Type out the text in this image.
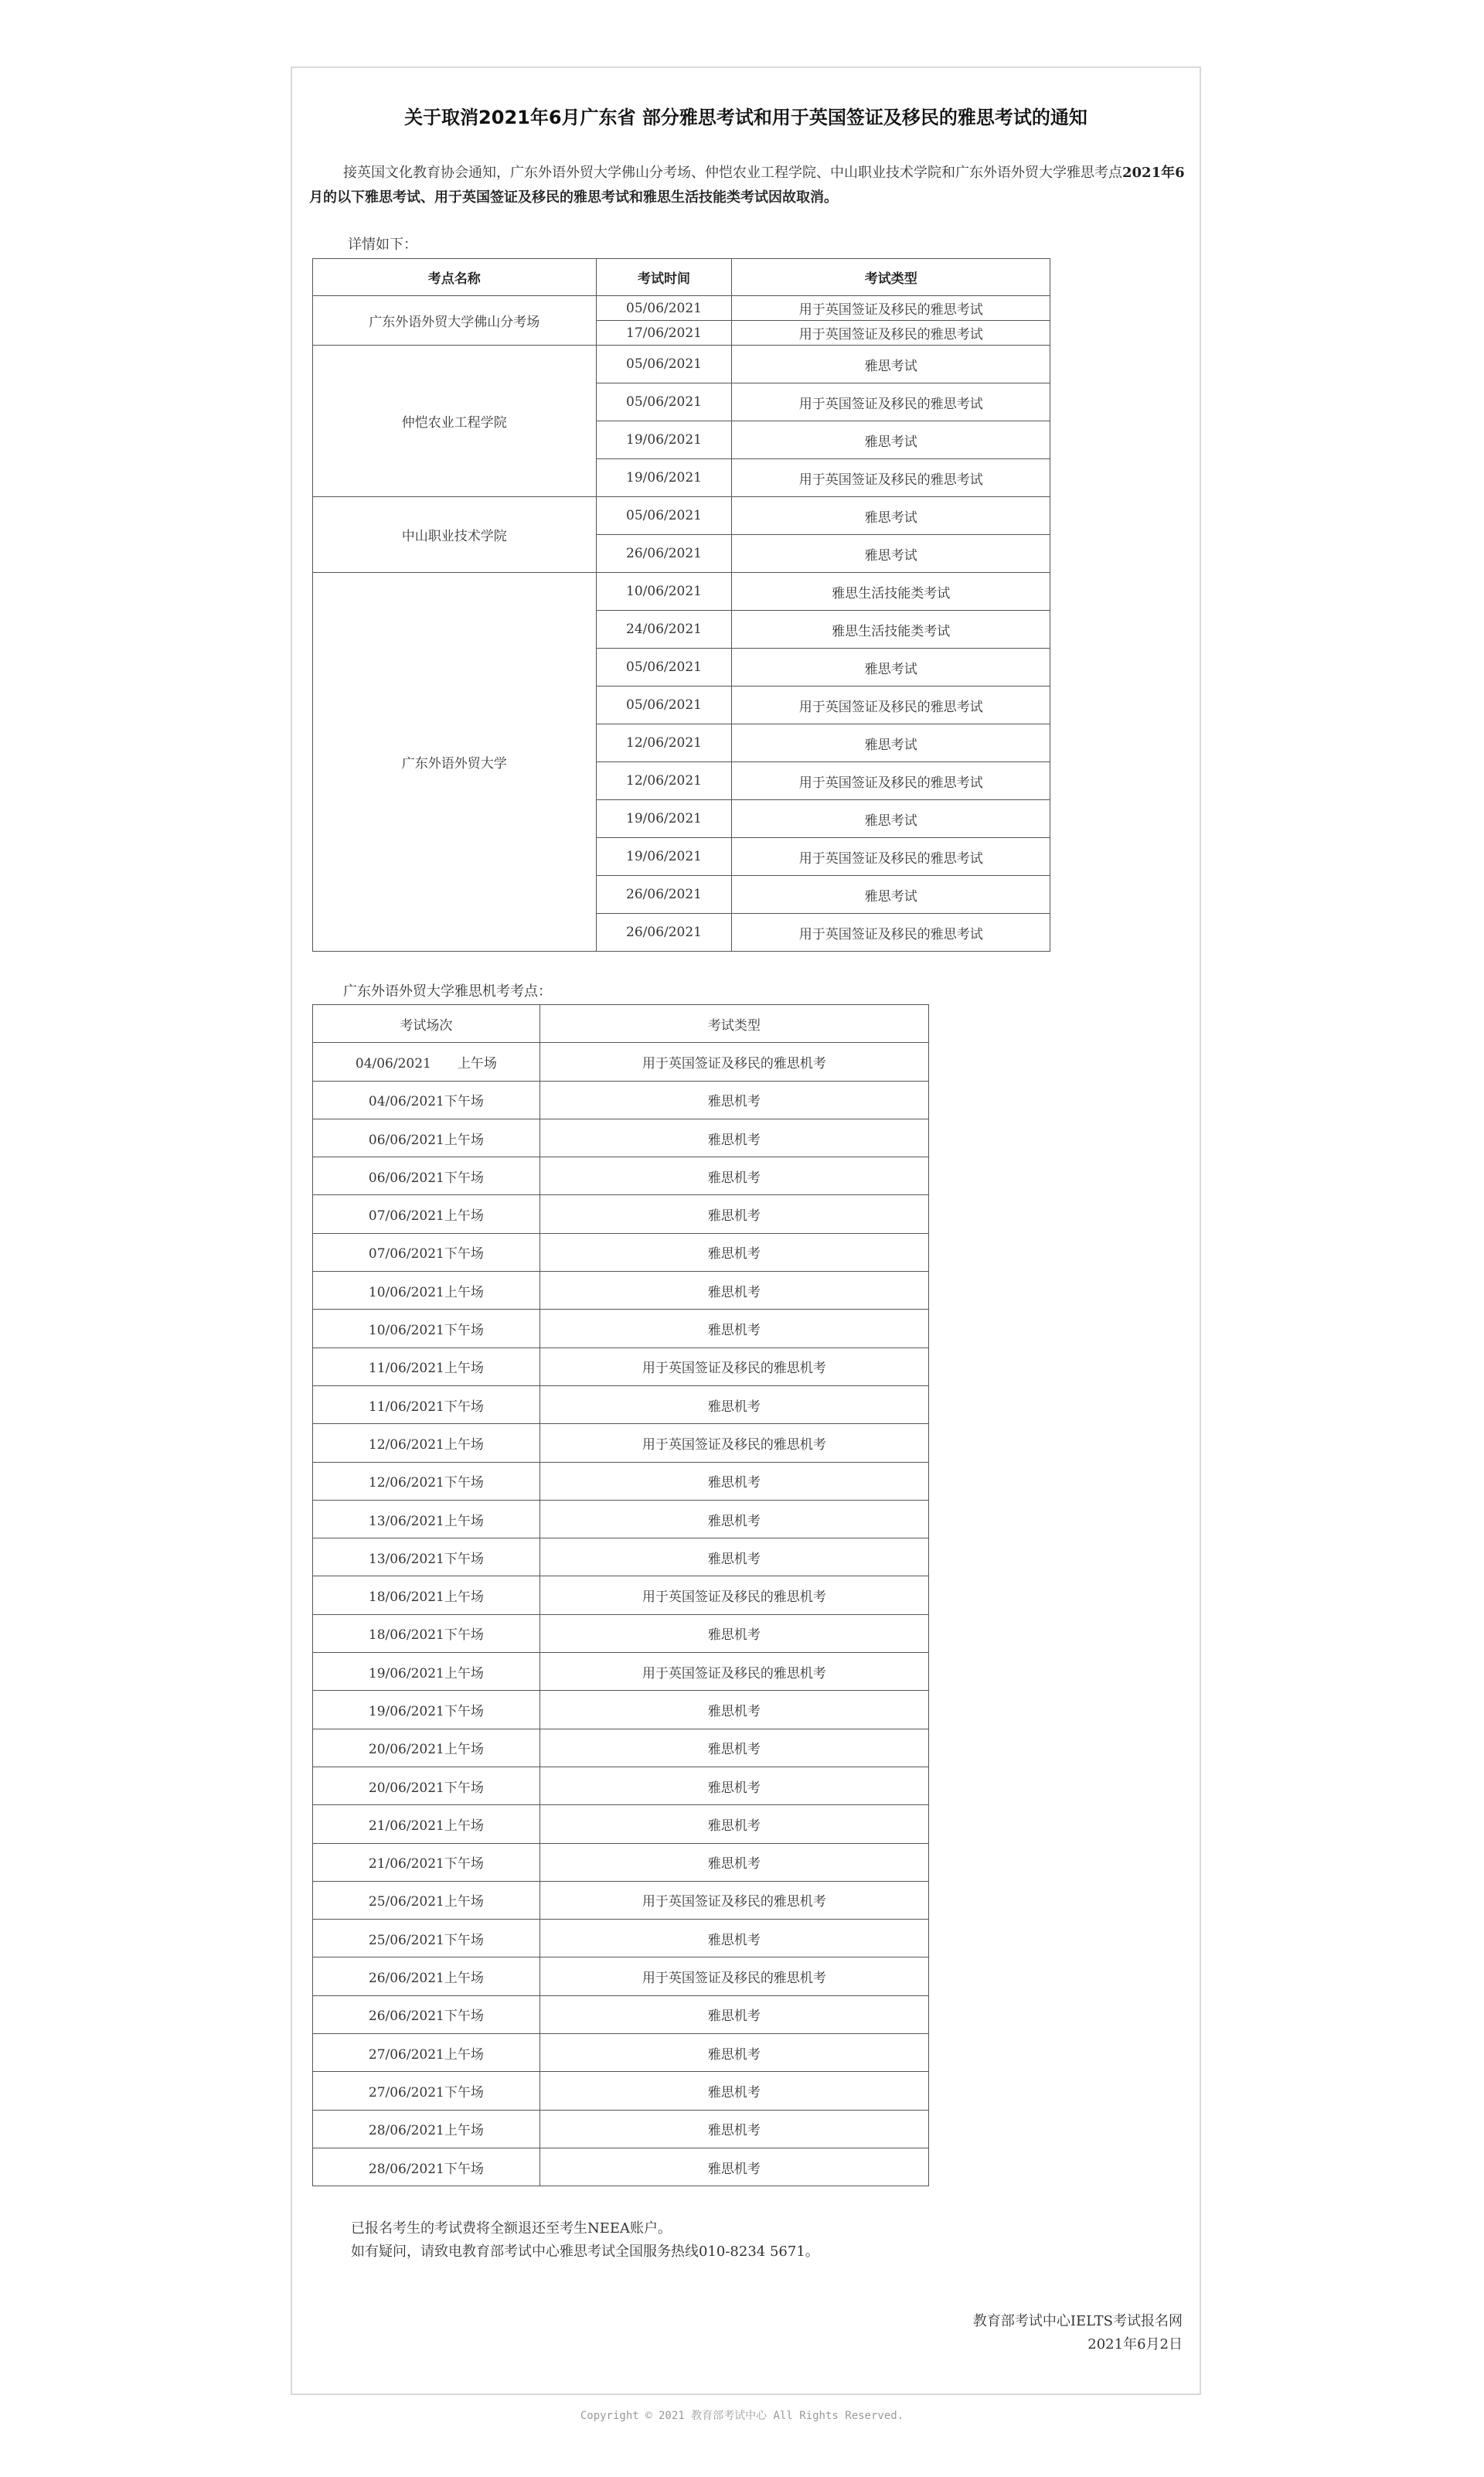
关于取消2021年6月广东省 部分雅思考试和用于英国签证及移民的雅思考试的通知

接英国文化教育协会通知，广东外语外贸大学佛山分考场、仲恺农业工程学院、中山职业技术学院和广东外语外贸大学雅思考点2021年6月的以下雅思考试、用于英国签证及移民的雅思考试和雅思生活技能类考试因故取消。

详情如下：

考点名称	考试时间	考试类型
广东外语外贸大学佛山分考场	05/06/2021	用于英国签证及移民的雅思考试
	17/06/2021	用于英国签证及移民的雅思考试
仲恺农业工程学院	05/06/2021	雅思考试
	05/06/2021	用于英国签证及移民的雅思考试
	19/06/2021	雅思考试
	19/06/2021	用于英国签证及移民的雅思考试
中山职业技术学院	05/06/2021	雅思考试
	26/06/2021	雅思考试
广东外语外贸大学	10/06/2021	雅思生活技能类考试
	24/06/2021	雅思生活技能类考试
	05/06/2021	雅思考试
	05/06/2021	用于英国签证及移民的雅思考试
	12/06/2021	雅思考试
	12/06/2021	用于英国签证及移民的雅思考试
	19/06/2021	雅思考试
	19/06/2021	用于英国签证及移民的雅思考试
	26/06/2021	雅思考试
	26/06/2021	用于英国签证及移民的雅思考试

广东外语外贸大学雅思机考考点：

考试场次	考试类型
04/06/2021　　上午场	用于英国签证及移民的雅思机考
04/06/2021下午场	雅思机考
06/06/2021上午场	雅思机考
06/06/2021下午场	雅思机考
07/06/2021上午场	雅思机考
07/06/2021下午场	雅思机考
10/06/2021上午场	雅思机考
10/06/2021下午场	雅思机考
11/06/2021上午场	用于英国签证及移民的雅思机考
11/06/2021下午场	雅思机考
12/06/2021上午场	用于英国签证及移民的雅思机考
12/06/2021下午场	雅思机考
13/06/2021上午场	雅思机考
13/06/2021下午场	雅思机考
18/06/2021上午场	用于英国签证及移民的雅思机考
18/06/2021下午场	雅思机考
19/06/2021上午场	用于英国签证及移民的雅思机考
19/06/2021下午场	雅思机考
20/06/2021上午场	雅思机考
20/06/2021下午场	雅思机考
21/06/2021上午场	雅思机考
21/06/2021下午场	雅思机考
25/06/2021上午场	用于英国签证及移民的雅思机考
25/06/2021下午场	雅思机考
26/06/2021上午场	用于英国签证及移民的雅思机考
26/06/2021下午场	雅思机考
27/06/2021上午场	雅思机考
27/06/2021下午场	雅思机考
28/06/2021上午场	雅思机考
28/06/2021下午场	雅思机考
已报名考生的考试费将全额退还至考生NEEA账户。
如有疑问，请致电教育部考试中心雅思考试全国服务热线010-8234 5671。
教育部考试中心IELTS考试报名网
2021年6月2日
Copyright © 2021 教育部考试中心 All Rights Reserved.
